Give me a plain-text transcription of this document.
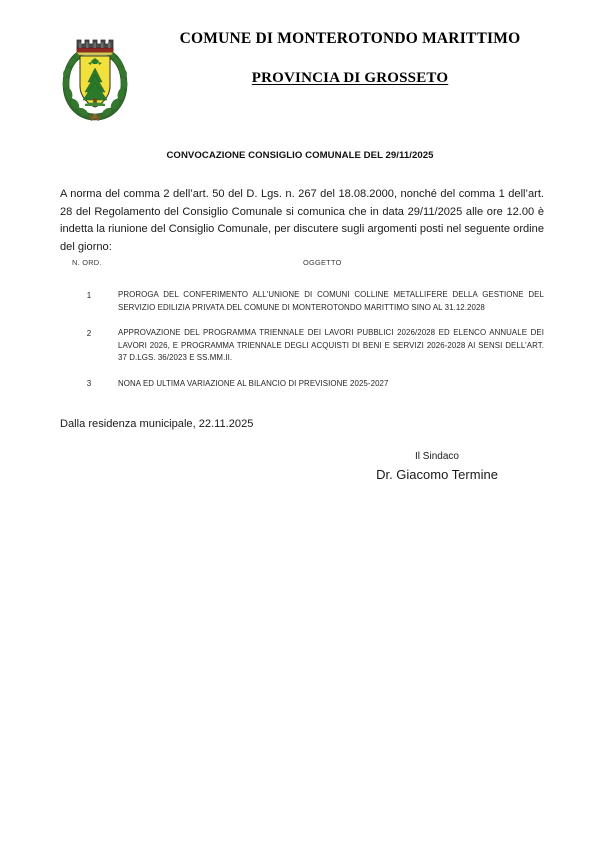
COMUNE DI MONTEROTONDO MARITTIMO
PROVINCIA DI GROSSETO
CONVOCAZIONE CONSIGLIO COMUNALE DEL 29/11/2025
A norma del comma 2 dell’art. 50 del D. Lgs. n. 267 del 18.08.2000, nonché del comma 1 dell’art. 28 del Regolamento del Consiglio Comunale si comunica che in data 29/11/2025 alle ore 12.00 è indetta la riunione del Consiglio Comunale, per discutere sugli argomenti posti nel seguente ordine del giorno:
N. ORD.	OGGETTO
1	PROROGA DEL CONFERIMENTO ALL'UNIONE DI COMUNI COLLINE METALLIFERE DELLA GESTIONE DEL SERVIZIO EDILIZIA PRIVATA DEL COMUNE DI MONTEROTONDO MARITTIMO SINO AL 31.12.2028
2	APPROVAZIONE DEL PROGRAMMA TRIENNALE DEI LAVORI PUBBLICI 2026/2028 ED ELENCO ANNUALE DEI LAVORI 2026, E PROGRAMMA TRIENNALE DEGLI ACQUISTI DI BENI E SERVIZI 2026-2028 AI SENSI DELL’ART. 37 D.LGS. 36/2023 E SS.MM.II.
3	NONA ED ULTIMA VARIAZIONE AL BILANCIO DI PREVISIONE 2025-2027
Dalla residenza municipale, 22.11.2025
Il Sindaco
Dr. Giacomo Termine
